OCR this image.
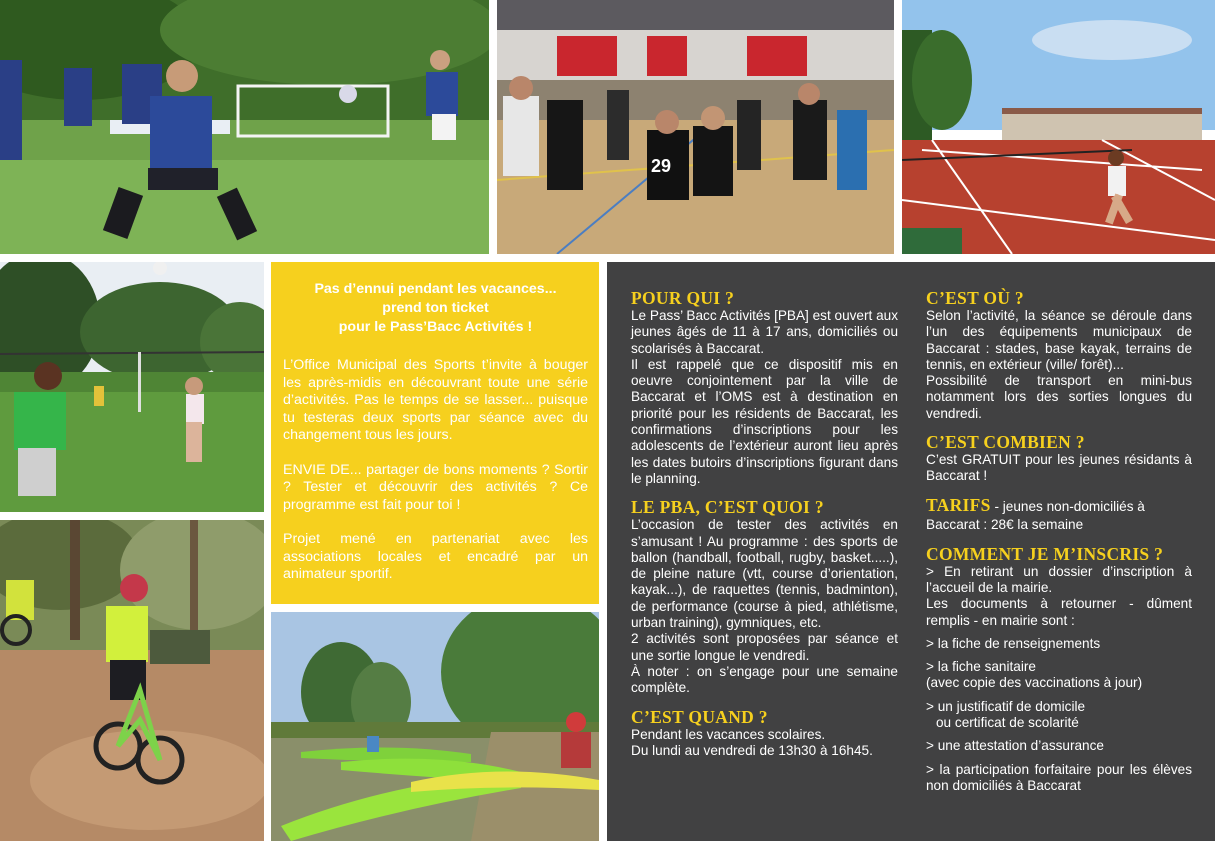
29
Pas d’ennui pendant les vacances...
prend ton ticket
pour le Pass’Bacc Activités !

L’Office Municipal des Sports t’invite à bouger les après-midis en découvrant toute une série d’activités. Pas le temps de se lasser... puisque tu testeras deux sports par séance avec du changement tous les jours.

ENVIE DE... partager de bons moments ? Sortir ? Tester et découvrir des activités ? Ce programme est fait pour toi !

Projet mené en partenariat avec les associations locales et encadré par un animateur sportif.

POUR QUI ?

Le Pass’ Bacc Activités [PBA] est ouvert aux jeunes âgés de 11 à 17 ans, domiciliés ou scolarisés à Baccarat.

Il est rappelé que ce dispositif mis en oeuvre conjointement par la ville de Baccarat et l’OMS est à destination en priorité pour les résidents de Baccarat, les confirmations d’inscriptions pour les adolescents de l’extérieur auront lieu après les dates butoirs d’inscriptions figurant dans le planning.

LE PBA, C’EST QUOI ?

L’occasion de tester des activités en s’amusant ! Au programme : des sports de ballon (handball, football, rugby, basket.....), de pleine nature (vtt, course d’orientation, kayak...), de raquettes (tennis, badminton), de performance (course à pied, athlétisme, urban training), gymniques, etc.

2 activités sont proposées par séance et une sortie longue le vendredi.

À noter : on s’engage pour une semaine complète.

C’EST QUAND ?

Pendant les vacances scolaires.

Du lundi au vendredi de 13h30 à 16h45.

C’EST OÙ ?

Selon l’activité, la séance se déroule dans l’un des équipements municipaux de Baccarat : stades, base kayak, terrains de tennis, en extérieur (ville/ forêt)...

Possibilité de transport en mini-bus notamment lors des sorties longues du vendredi.

C’EST COMBIEN ?

C’est GRATUIT pour les jeunes résidants à Baccarat !

TARIFS - jeunes non-domiciliés à Baccarat : 28€ la semaine
COMMENT JE M’INSCRIS ?

> En retirant un dossier d’inscription à l’accueil de la mairie.

Les documents à retourner - dûment remplis - en mairie sont :

> la fiche de renseignements

> la fiche sanitaire

(avec copie des vaccinations à jour)

> un justificatif de domicile

ou certificat de scolarité

> une attestation d’assurance

> la participation forfaitaire pour les élèves non domiciliés à Baccarat
